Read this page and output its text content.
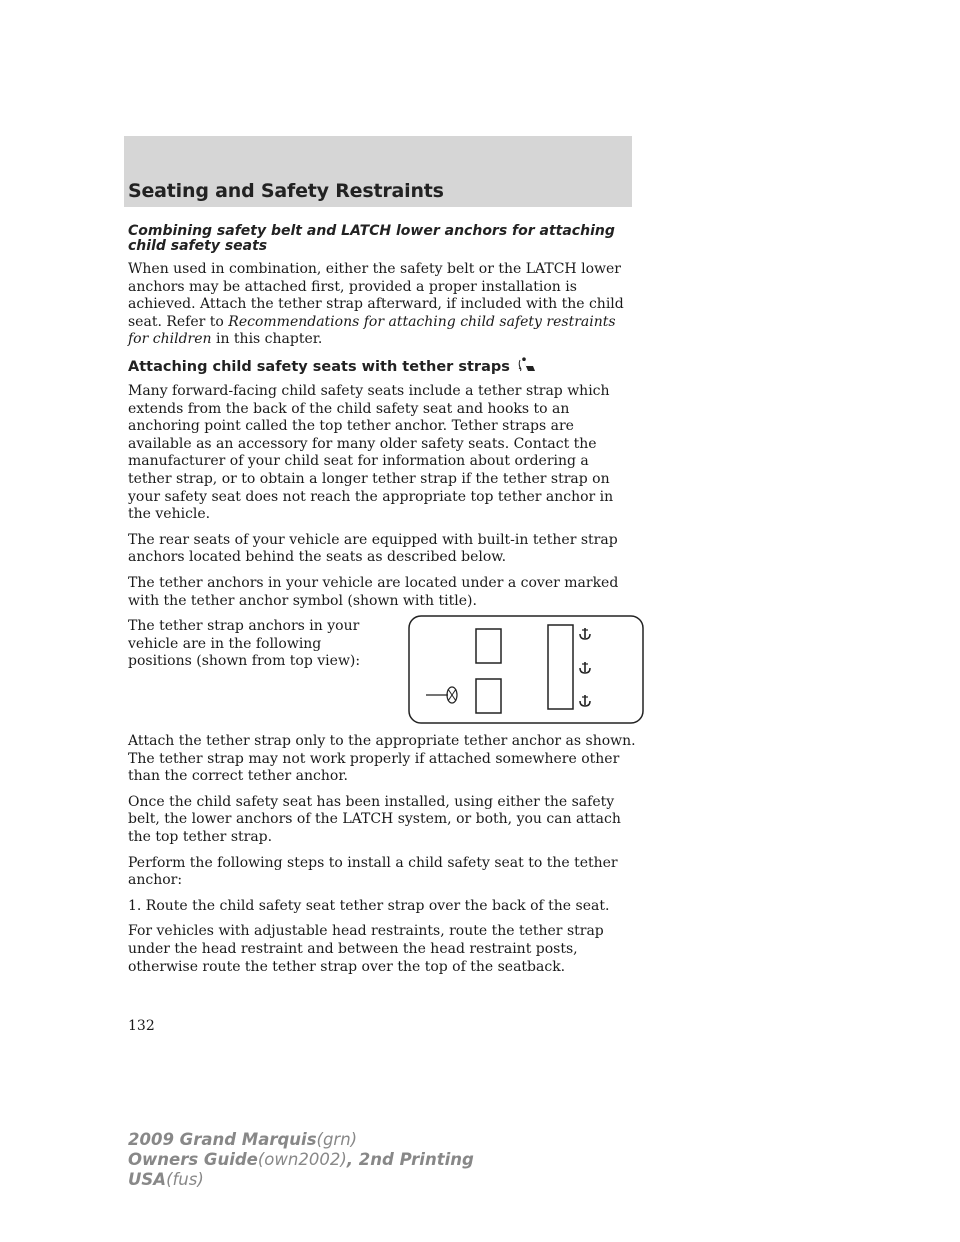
Seating and Safety Restraints
Combining safety belt and LATCH lower anchors for attaching child safety seats

When used in combination, either the safety belt or the LATCH lower anchors may be attached first, provided a proper installation is achieved. Attach the tether strap afterward, if included with the child seat. Refer to Recommendations for attaching child safety restraints for children in this chapter.

Attaching child safety seats with tether straps

Many forward-facing child safety seats include a tether strap which extends from the back of the child safety seat and hooks to an anchoring point called the top tether anchor. Tether straps are available as an accessory for many older safety seats. Contact the manufacturer of your child seat for information about ordering a tether strap, or to obtain a longer tether strap if the tether strap on your safety seat does not reach the appropriate top tether anchor in the vehicle.

The rear seats of your vehicle are equipped with built-in tether strap anchors located behind the seats as described below.

The tether anchors in your vehicle are located under a cover marked with the tether anchor symbol (shown with title).

The tether strap anchors in your vehicle are in the following positions (shown from top view):

Attach the tether strap only to the appropriate tether anchor as shown. The tether strap may not work properly if attached somewhere other than the correct tether anchor.

Once the child safety seat has been installed, using either the safety belt, the lower anchors of the LATCH system, or both, you can attach the top tether strap.

Perform the following steps to install a child safety seat to the tether anchor:

1. Route the child safety seat tether strap over the back of the seat.

For vehicles with adjustable head restraints, route the tether strap under the head restraint and between the head restraint posts, otherwise route the tether strap over the top of the seatback.

132

2009 Grand Marquis(grn)
Owners Guide(own2002), 2nd Printing
USA(fus)
